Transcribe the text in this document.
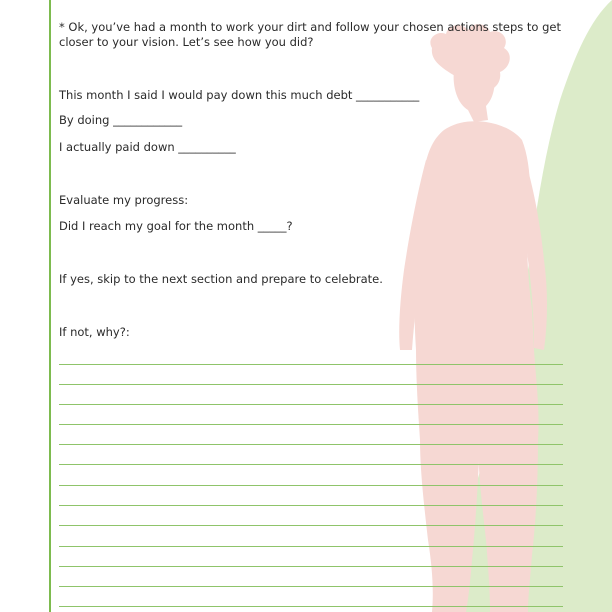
* Ok, you’ve had a month to work your dirt and follow your chosen actions steps to get closer to your vision. Let’s see how you did?
This month I said I would pay down this much debt ___________
By doing ____________
I actually paid down __________
Evaluate my progress:
Did I reach my goal for the month _____?
If yes, skip to the next section and prepare to celebrate.
If not, why?:
